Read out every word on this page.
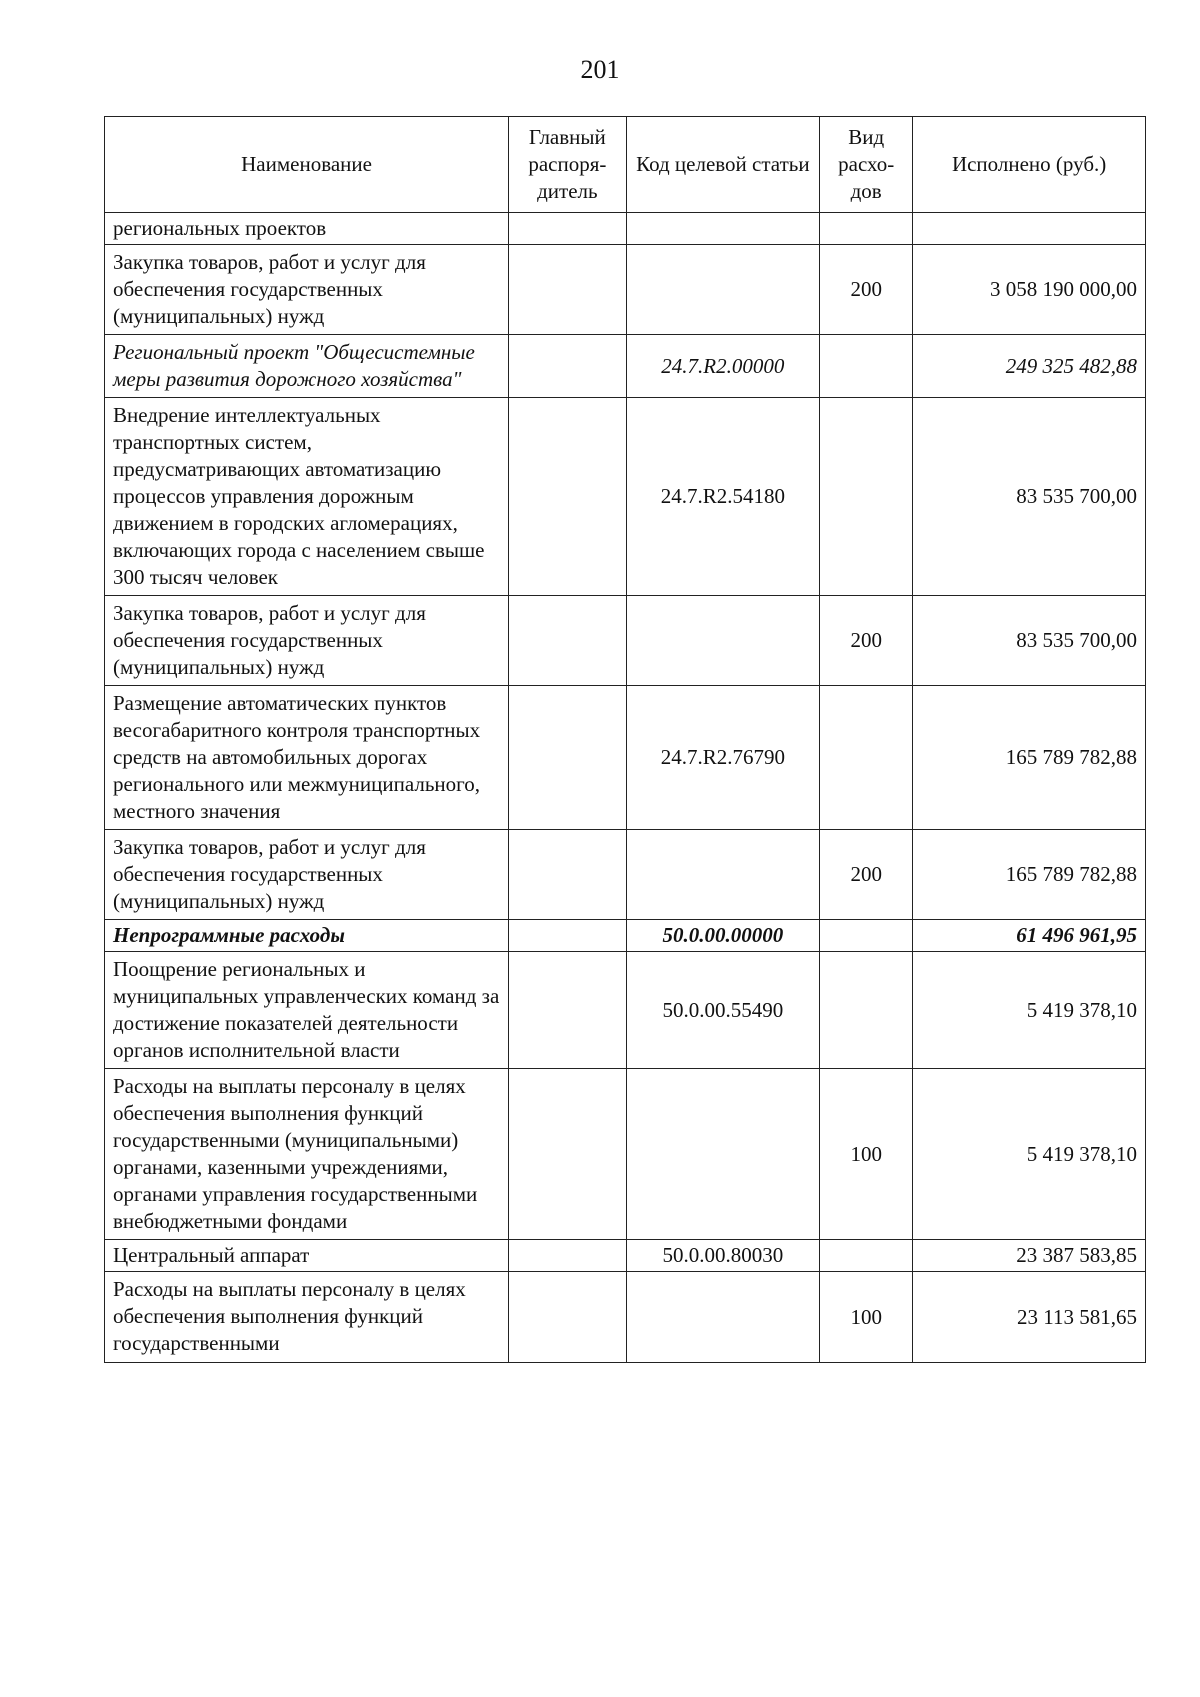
201
Наименование	Главный распоря-дитель	Код целевой статьи	Вид расхо-дов	Исполнено (руб.)
региональных проектов				
Закупка товаров, работ и услуг для обеспечения государственных (муниципальных) нужд			200	3 058 190 000,00
Региональный проект "Общесистемные меры развития дорожного хозяйства"		24.7.R2.00000		249 325 482,88
Внедрение интеллектуальных транспортных систем, предусматривающих автоматизацию процессов управления дорожным движением в городских агломерациях, включающих города с населением свыше 300 тысяч человек		24.7.R2.54180		83 535 700,00
Закупка товаров, работ и услуг для обеспечения государственных (муниципальных) нужд			200	83 535 700,00
Размещение автоматических пунктов весогабаритного контроля транспортных средств на автомобильных дорогах регионального или межмуниципального, местного значения		24.7.R2.76790		165 789 782,88
Закупка товаров, работ и услуг для обеспечения государственных (муниципальных) нужд			200	165 789 782,88
Непрограммные расходы		50.0.00.00000		61 496 961,95
Поощрение региональных и муниципальных управленческих команд за достижение показателей деятельности органов исполнительной власти		50.0.00.55490		5 419 378,10
Расходы на выплаты персоналу в целях обеспечения выполнения функций государственными (муниципальными) органами, казенными учреждениями, органами управления государственными внебюджетными фондами			100	5 419 378,10
Центральный аппарат		50.0.00.80030		23 387 583,85
Расходы на выплаты персоналу в целях обеспечения выполнения функций государственными			100	23 113 581,65
